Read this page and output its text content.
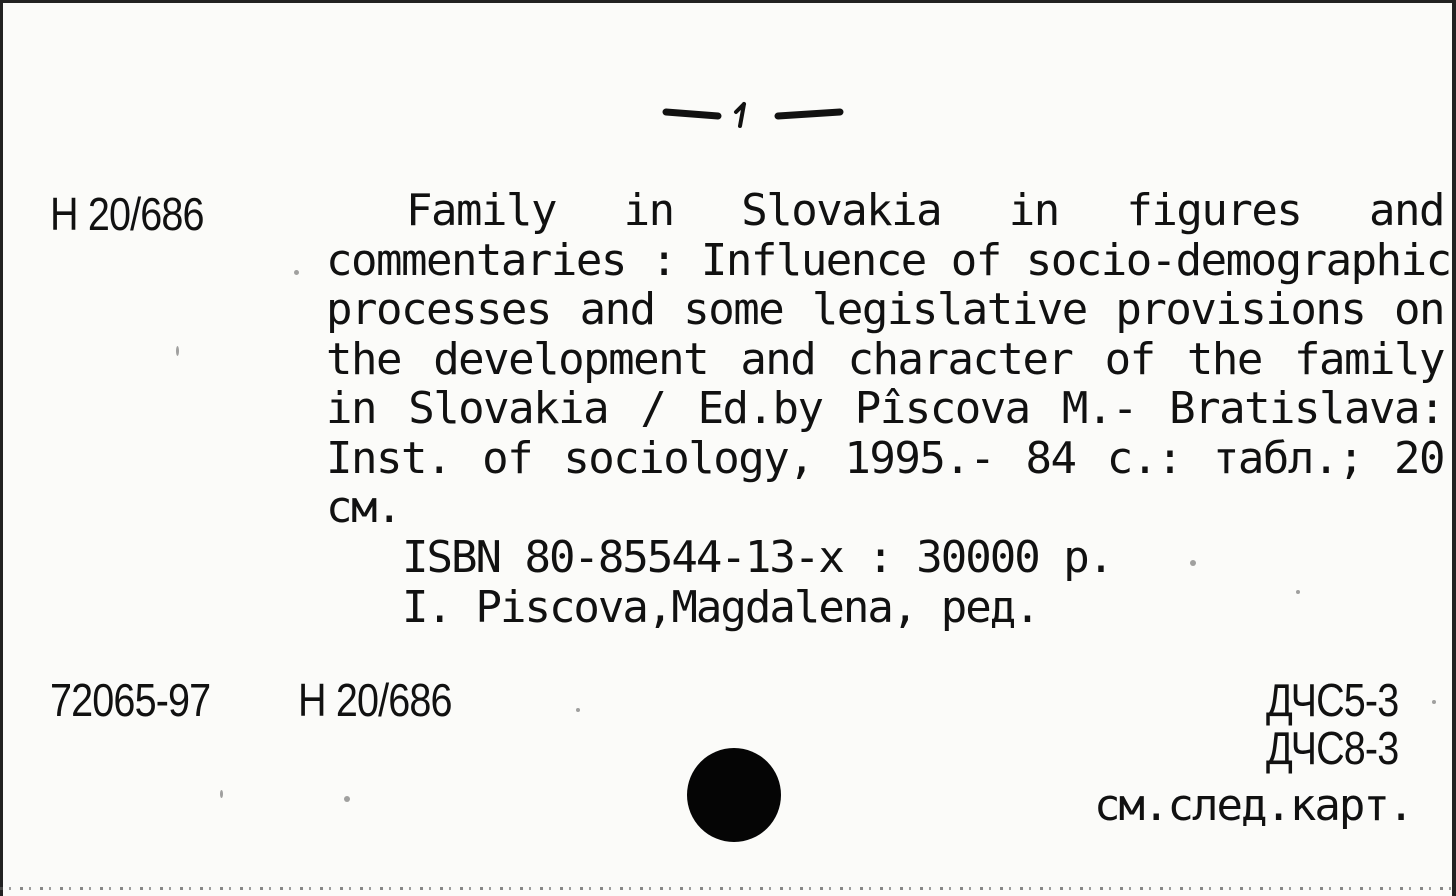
1
H 20/686	Family in Slovakia in figures and
commentaries : Influence of socio-demographic
processes and some legislative provisions on
the development and character of the family
in Slovakia / Ed.by Pîscova M.- Bratislava:
Inst. of sociology, 1995.- 84 с.: табл.; 20
см.
ISBN 80-85544-13-x : 30000 p.
I. Piscova,Magdalena, ред.
72065-97 H 20/686	ДЧС5-3
ДЧС8-3
см.след.карт.
